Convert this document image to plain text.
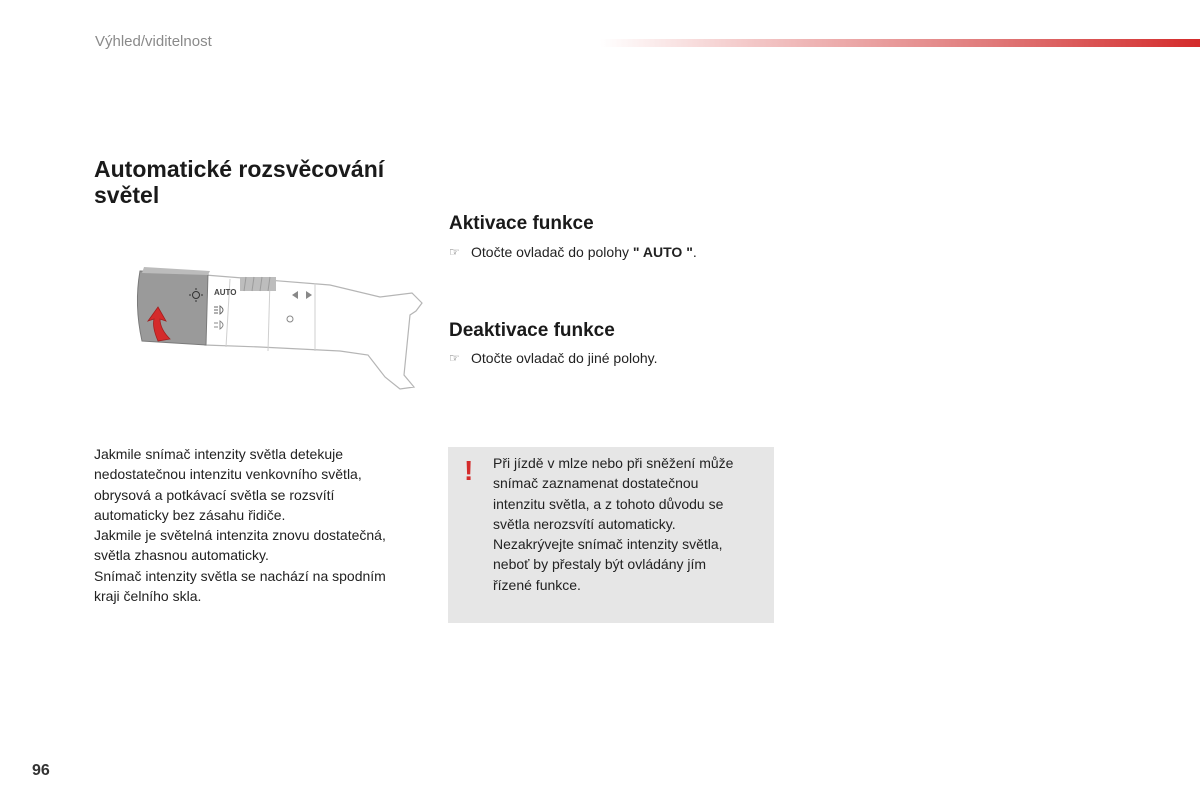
Výhled/viditelnost
Automatické rozsvěcování
světel
AUTO
Jakmile snímač intenzity světla detekuje
nedostatečnou intenzitu venkovního světla,
obrysová a potkávací světla se rozsvítí
automaticky bez zásahu řidiče.
Jakmile je světelná intenzita znovu dostatečná,
světla zhasnou automaticky.
Snímač intenzity světla se nachází na spodním
kraji čelního skla.
Aktivace funkce
☞ Otočte ovladač do polohy " AUTO " .
Deaktivace funkce
☞ Otočte ovladač do jiné polohy.
! Při jízdě v mlze nebo při sněžení může
snímač zaznamenat dostatečnou
intenzitu světla, a z tohoto důvodu se
světla nerozsvítí automaticky.
Nezakrývejte snímač intenzity světla,
neboť by přestaly být ovládány jím
řízené funkce.
96
